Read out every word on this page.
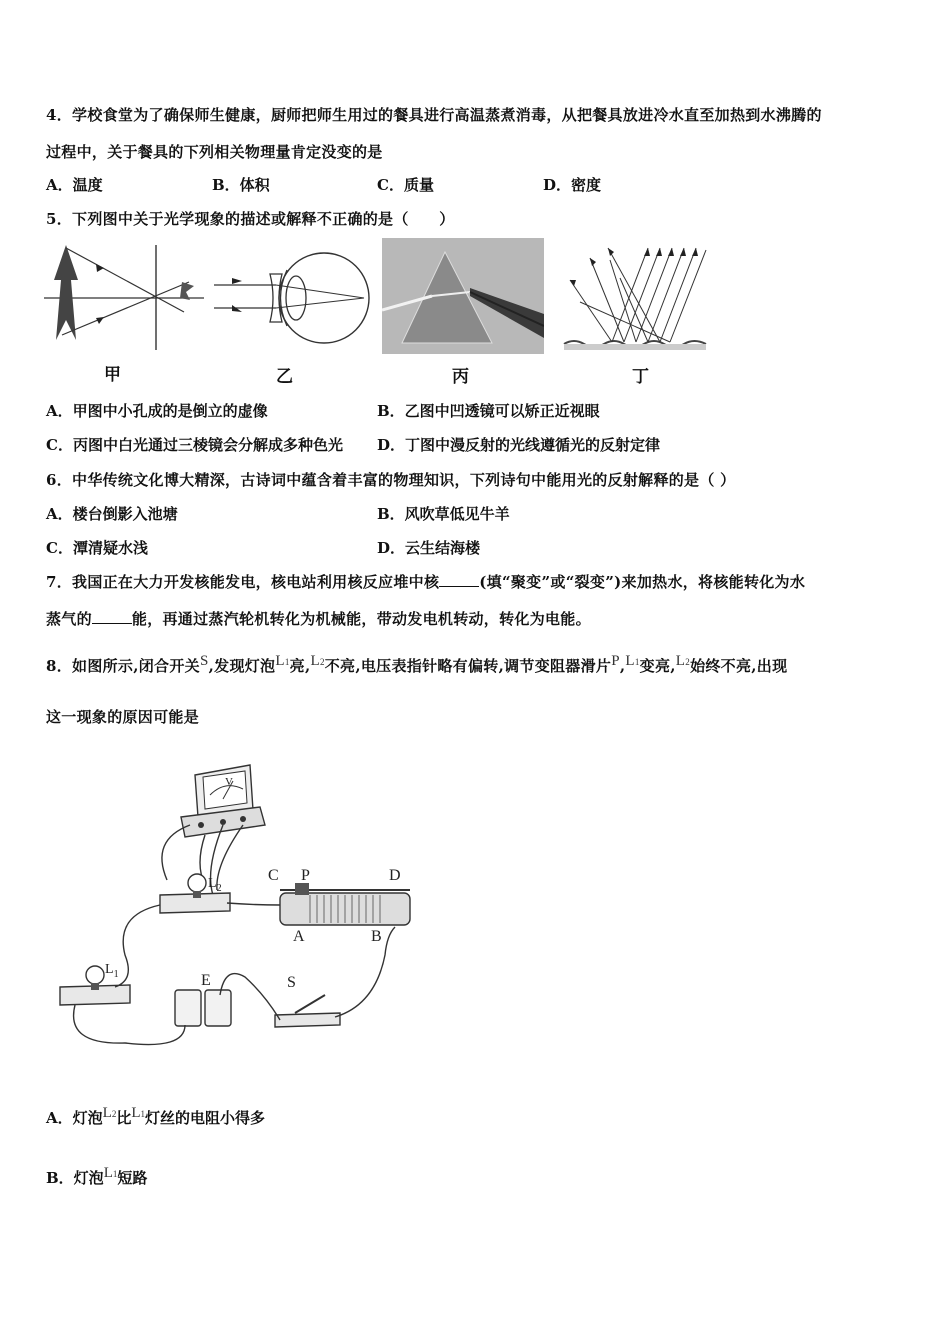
4．学校食堂为了确保师生健康，厨师把师生用过的餐具进行高温蒸煮消毒，从把餐具放进冷水直至加热到水沸腾的
过程中，关于餐具的下列相关物理量肯定没变的是
A．温度	B．体积	C．质量	D．密度
5．下列图中关于光学现象的描述或解释不正确的是（　　）
甲	乙	丙	丁
A．甲图中小孔成的是倒立的虚像	B．乙图中凹透镜可以矫正近视眼
C．丙图中白光通过三棱镜会分解成多种色光 D．丁图中漫反射的光线遵循光的反射定律
6．中华传统文化博大精深，古诗词中蕴含着丰富的物理知识，下列诗句中能用光的反射解释的是（ ）
A．楼台倒影入池塘	B．风吹草低见牛羊
C．潭清疑水浅	D．云生结海楼
7．我国正在大力开发核能发电，核电站利用核反应堆中核	(填“聚变”或“裂变”)来加热水，将核能转化为水
蒸气的	能，再通过蒸汽轮机转化为机械能，带动发电机转动，转化为电能。
8．如图所示,闭合开关S,发现灯泡L1亮,L2不亮,电压表指针略有偏转,调节变阻器滑片P,L1变亮,L2始终不亮,出现
这一现象的原因可能是
V
$L_2$
$L_1$
C P	D
A	B
E	S
A．灯泡L2比L1灯丝的电阻小得多
B．灯泡L1短路
